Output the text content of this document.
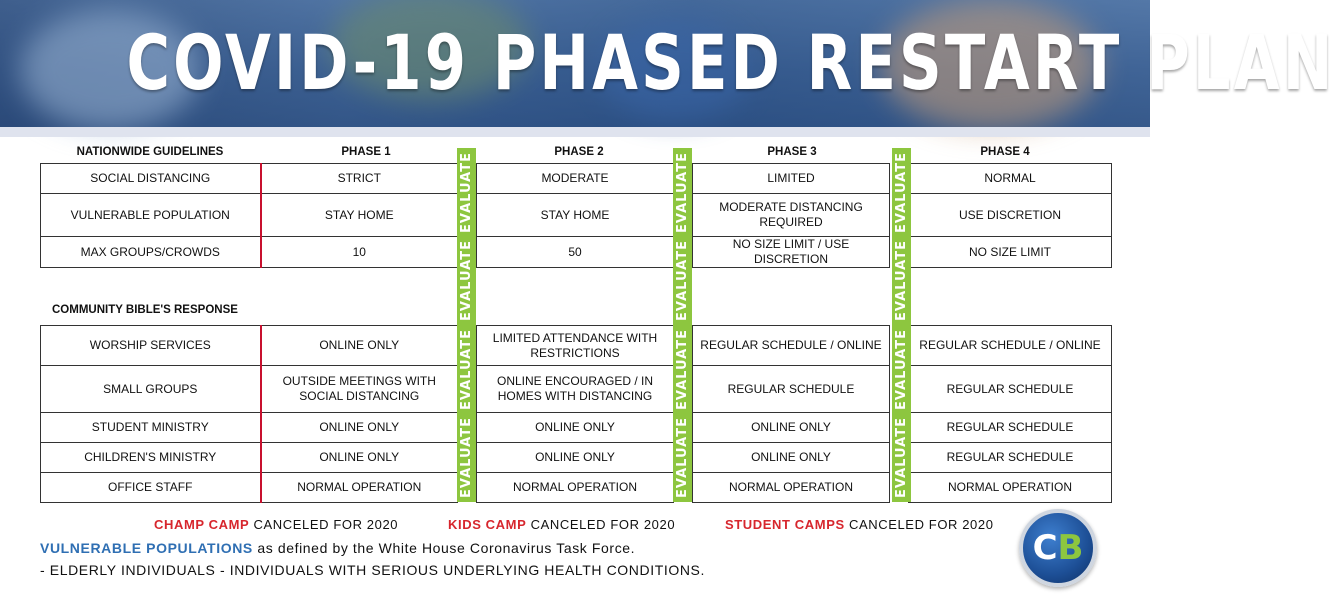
COVID-19 PHASED RESTART PLAN
NATIONWIDE GUIDELINES	PHASE 1	PHASE 2	PHASE 3	PHASE 4
SOCIAL DISTANCING	STRICT		MODERATE		LIMITED		NORMAL
VULNERABLE POPULATION	STAY HOME		STAY HOME		MODERATE DISTANCING REQUIRED		USE DISCRETION
MAX GROUPS/CROWDS	10		50		NO SIZE LIMIT / USE DISCRETION		NO SIZE LIMIT
COMMUNITY BIBLE'S RESPONSE
WORSHIP SERVICES	ONLINE ONLY		LIMITED ATTENDANCE WITH RESTRICTIONS		REGULAR SCHEDULE / ONLINE		REGULAR SCHEDULE / ONLINE
SMALL GROUPS	OUTSIDE MEETINGS WITH SOCIAL DISTANCING		ONLINE ENCOURAGED / IN HOMES WITH DISTANCING		REGULAR SCHEDULE		REGULAR SCHEDULE
STUDENT MINISTRY	ONLINE ONLY		ONLINE ONLY		ONLINE ONLY		REGULAR SCHEDULE
CHILDREN'S MINISTRY	ONLINE ONLY		ONLINE ONLY		ONLINE ONLY		REGULAR SCHEDULE
OFFICE STAFF	NORMAL OPERATION		NORMAL OPERATION		NORMAL OPERATION		NORMAL OPERATION
EVALUATE
EVALUATE
EVALUATE
EVALUATE
EVALUATE
EVALUATE
EVALUATE
EVALUATE
EVALUATE
EVALUATE
EVALUATE
EVALUATE
CHAMP CAMP CANCELED FOR 2020	KIDS CAMP CANCELED FOR 2020	STUDENT CAMPS CANCELED FOR 2020
VULNERABLE POPULATIONS as defined by the White House Coronavirus Task Force.
- ELDERLY INDIVIDUALS - INDIVIDUALS WITH SERIOUS UNDERLYING HEALTH CONDITIONS.
C B
